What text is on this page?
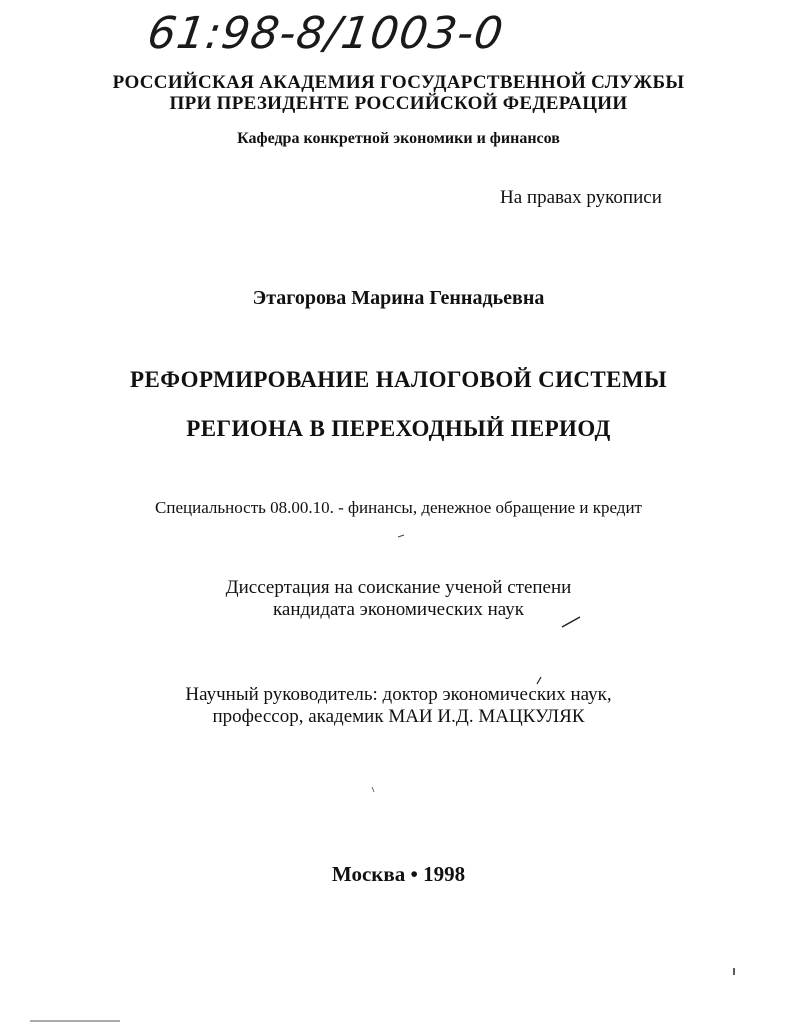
61:98-8/1003-0
РОССИЙСКАЯ АКАДЕМИЯ ГОСУДАРСТВЕННОЙ СЛУЖБЫ
ПРИ ПРЕЗИДЕНТЕ РОССИЙСКОЙ ФЕДЕРАЦИИ
Кафедра конкретной экономики и финансов
На правах рукописи
Этагорова Марина Геннадьевна
РЕФОРМИРОВАНИЕ НАЛОГОВОЙ СИСТЕМЫ
РЕГИОНА В ПЕРЕХОДНЫЙ ПЕРИОД
Специальность 08.00.10. - финансы, денежное обращение и кредит
Диссертация на соискание ученой степени
кандидата экономических наук
Научный руководитель: доктор экономических наук,
профессор, академик МАИ И.Д. МАЦКУЛЯК
Москва • 1998
